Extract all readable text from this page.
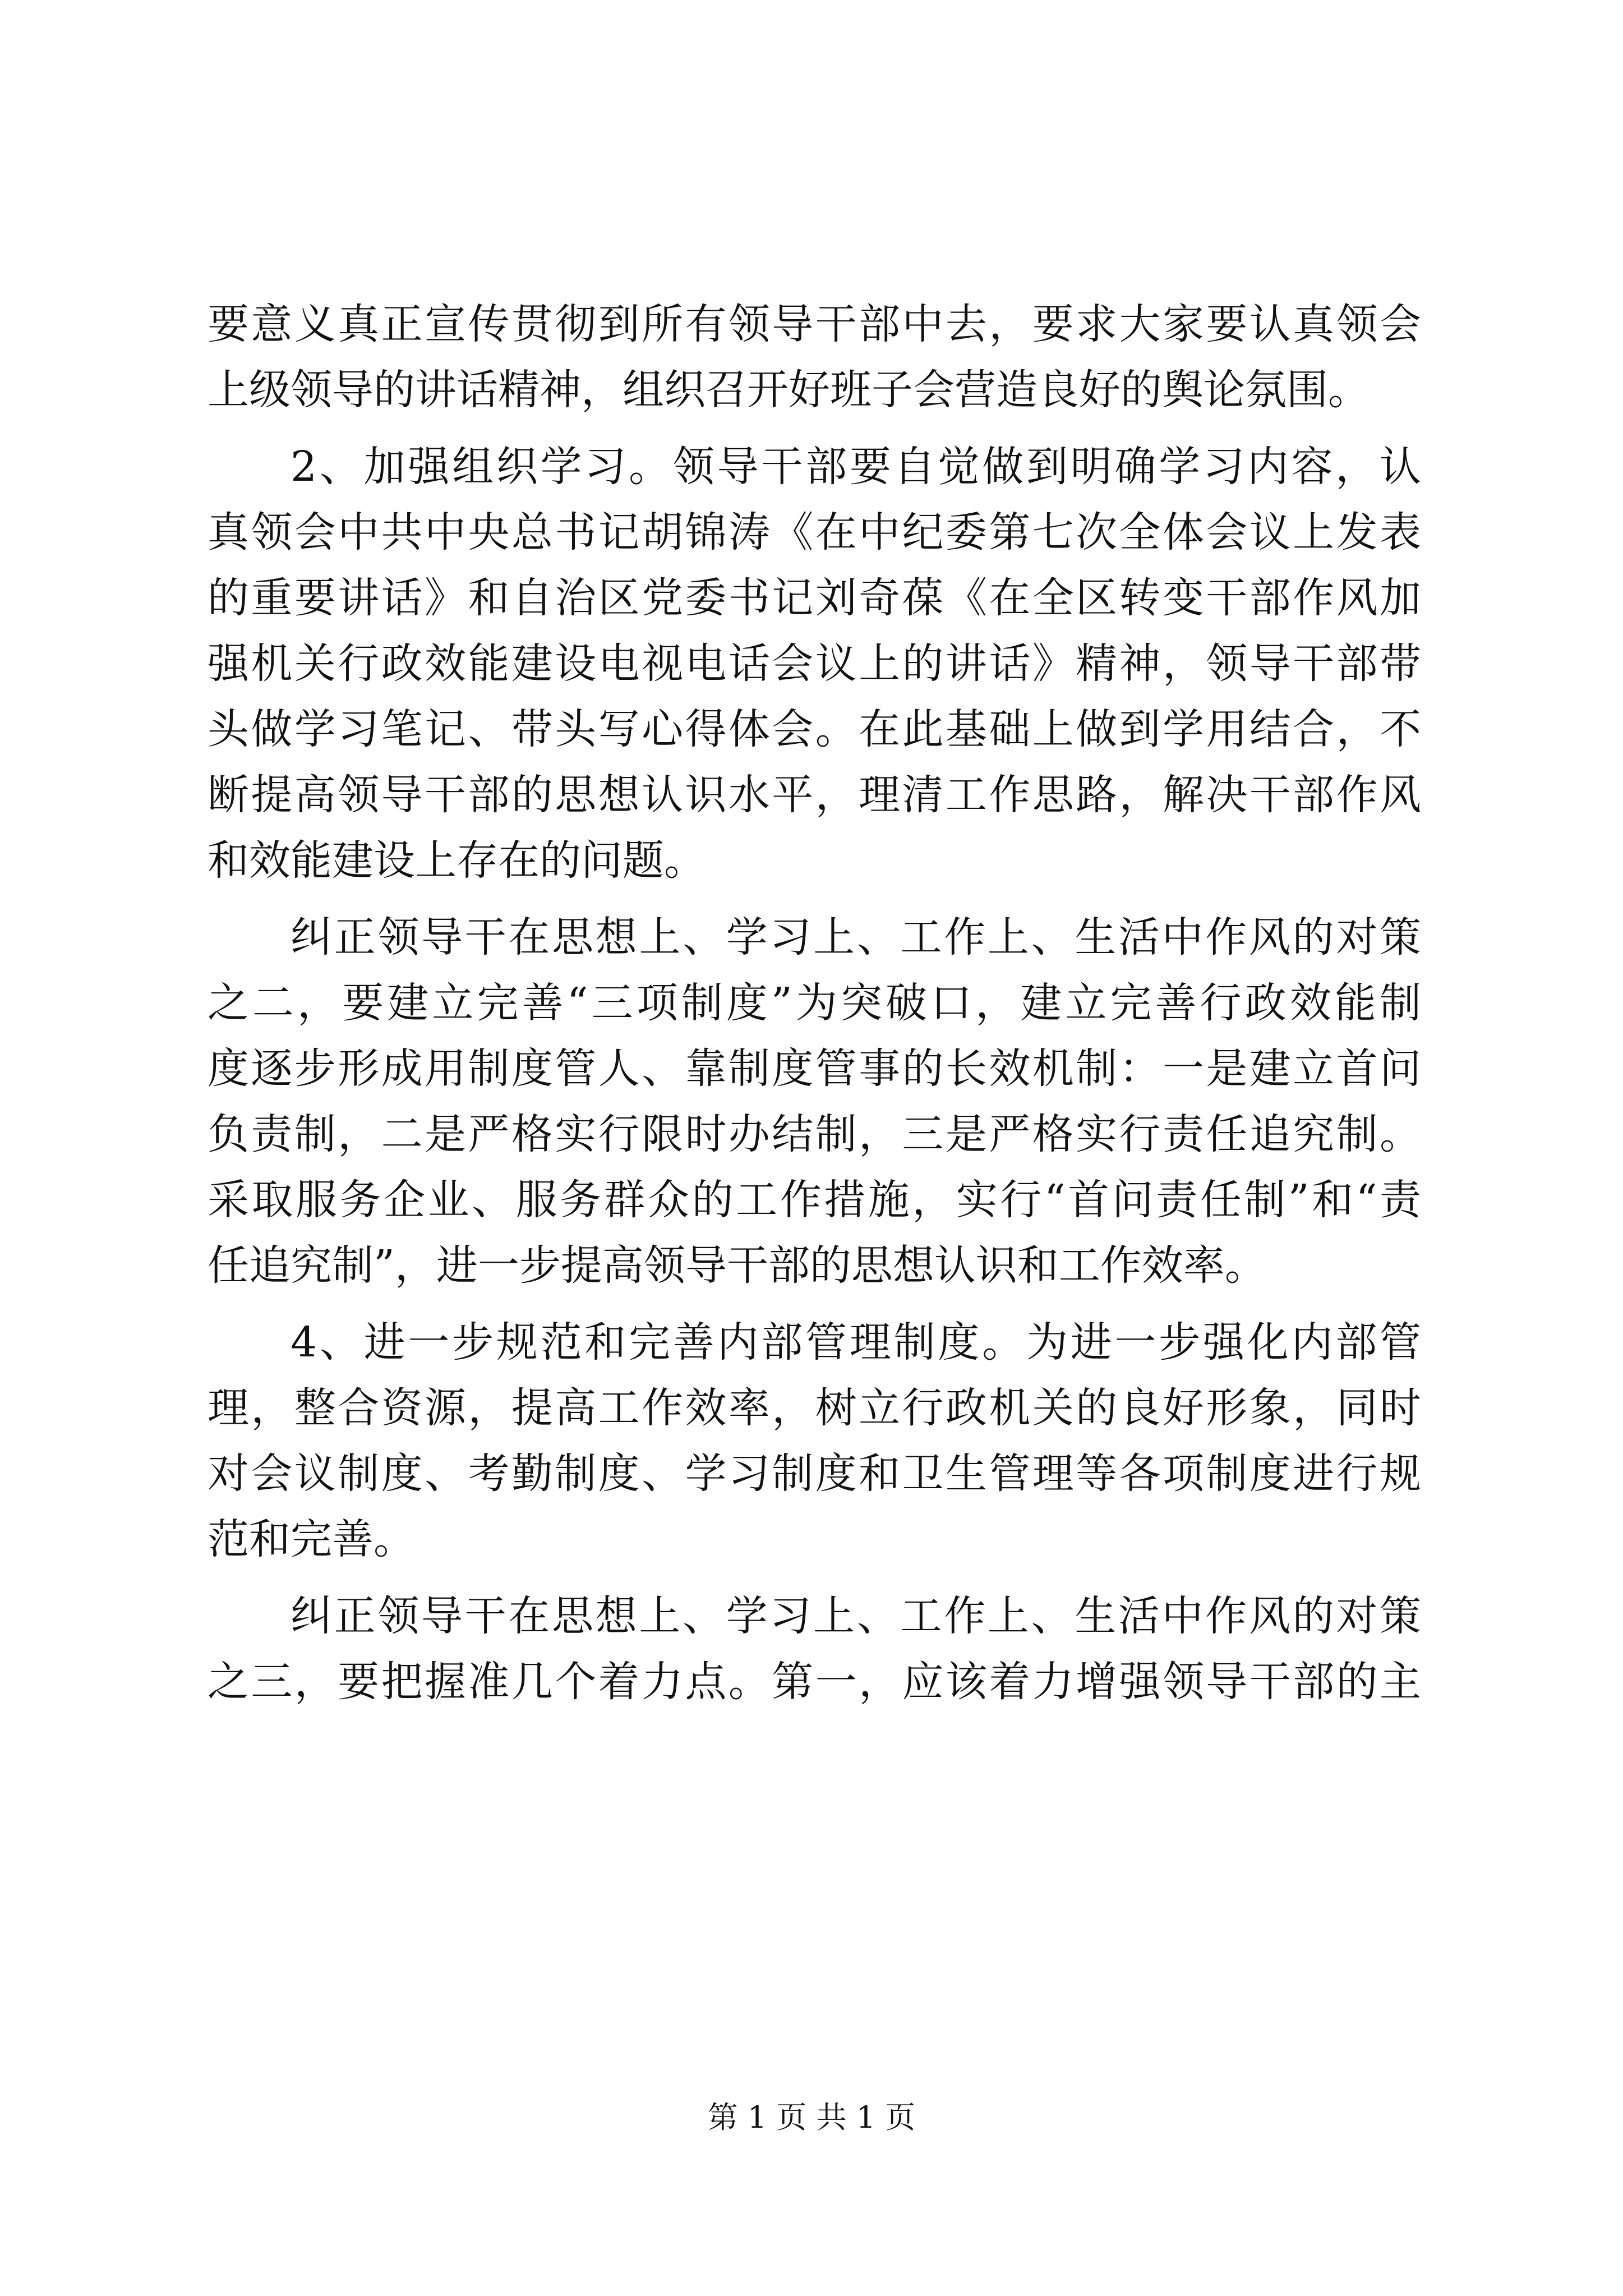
要意义真正宣传贯彻到所有领导干部中去，要求大家要认真领会
上级领导的讲话精神，组织召开好班子会营造良好的舆论氛围。
2、加强组织学习。领导干部要自觉做到明确学习内容，认
真领会中共中央总书记胡锦涛《在中纪委第七次全体会议上发表
的重要讲话》和自治区党委书记刘奇葆《在全区转变干部作风加
强机关行政效能建设电视电话会议上的讲话》精神，领导干部带
头做学习笔记、带头写心得体会。在此基础上做到学用结合，不
断提高领导干部的思想认识水平，理清工作思路，解决干部作风
和效能建设上存在的问题。
纠正领导干在思想上、学习上、工作上、生活中作风的对策
之二，要建立完善“三项制度”为突破口，建立完善行政效能制
度逐步形成用制度管人、靠制度管事的长效机制：一是建立首问
负责制，二是严格实行限时办结制，三是严格实行责任追究制。
采取服务企业、服务群众的工作措施，实行“首问责任制”和“责
任追究制”，进一步提高领导干部的思想认识和工作效率。
4、进一步规范和完善内部管理制度。为进一步强化内部管
理，整合资源，提高工作效率，树立行政机关的良好形象，同时
对会议制度、考勤制度、学习制度和卫生管理等各项制度进行规
范和完善。
纠正领导干在思想上、学习上、工作上、生活中作风的对策
之三，要把握准几个着力点。第一，应该着力增强领导干部的主
第 1 页 共 1 页
